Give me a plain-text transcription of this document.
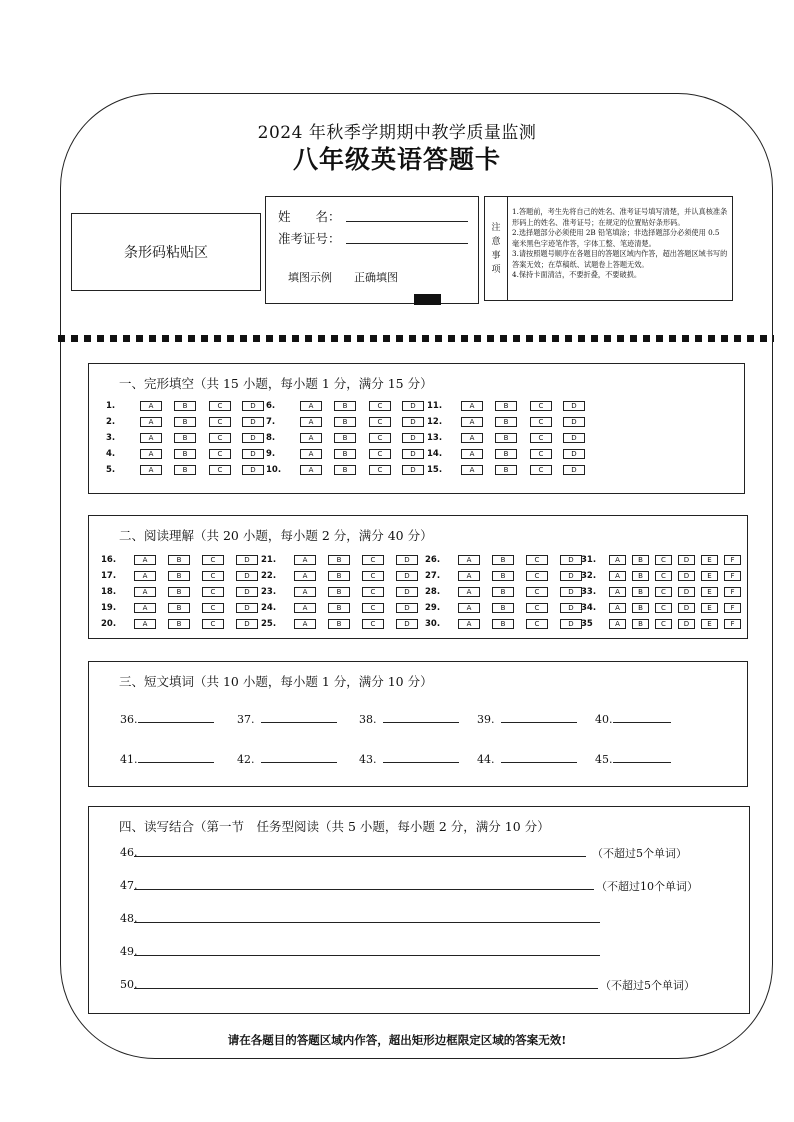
2024 年秋季学期期中教学质量监测
八年级英语答题卡
条形码粘贴区
姓　　名：
准考证号：
填图示例 正确填图
注
意
事
项
1.答题前，考生先将自己的姓名、准考证号填写清楚，并认真核准条形码上的姓名、准考证号；在规定的位置贴好条形码。
2.选择题部分必须使用 2B 铅笔填涂；非选择题部分必须使用 0.5 毫米黑色字迹笔作答，字体工整、笔迹清楚。
3.请按照题号顺序在各题目的答题区域内作答，超出答题区域书写的答案无效；在草稿纸、试题卷上答题无效。
4.保持卡面清洁，不要折叠，不要破损。
一、完形填空（共 15 小题，每小题 1 分，满分 15 分）
1.	A	B	C	D
2.	A	B	C	D
3.	A	B	C	D
4.	A	B	C	D
5.	A	B	C	D
6.	A	B	C	D
7.	A	B	C	D
8.	A	B	C	D
9.	A	B	C	D
10.	A	B	C	D
11.	A	B	C	D
12.	A	B	C	D
13.	A	B	C	D
14.	A	B	C	D
15.	A	B	C	D
二、阅读理解（共 20 小题，每小题 2 分，满分 40 分）
16.	A	B	C	D
17.	A	B	C	D
18.	A	B	C	D
19.	A	B	C	D
20.	A	B	C	D
21.	A	B	C	D
22.	A	B	C	D
23.	A	B	C	D
24.	A	B	C	D
25.	A	B	C	D
26.	A	B	C	D
27.	A	B	C	D
28.	A	B	C	D
29.	A	B	C	D
30.	A	B	C	D
31.	A	B	C	D	E	F
32.	A	B	C	D	E	F
33.	A	B	C	D	E	F
34.	A	B	C	D	E	F
35	A	B	C	D	E	F
三、短文填词（共 10 小题，每小题 1 分，满分 10 分）
36.	37.	38.	39.	40.
41.	42.	43.	44.	45.
四、读写结合（第一节　任务型阅读（共 5 小题，每小题 2 分，满分 10 分）
46.	（不超过5个单词）
47.	（不超过10个单词）
48.
49.
50.	（不超过5个单词）
请在各题目的答题区域内作答，超出矩形边框限定区域的答案无效!
